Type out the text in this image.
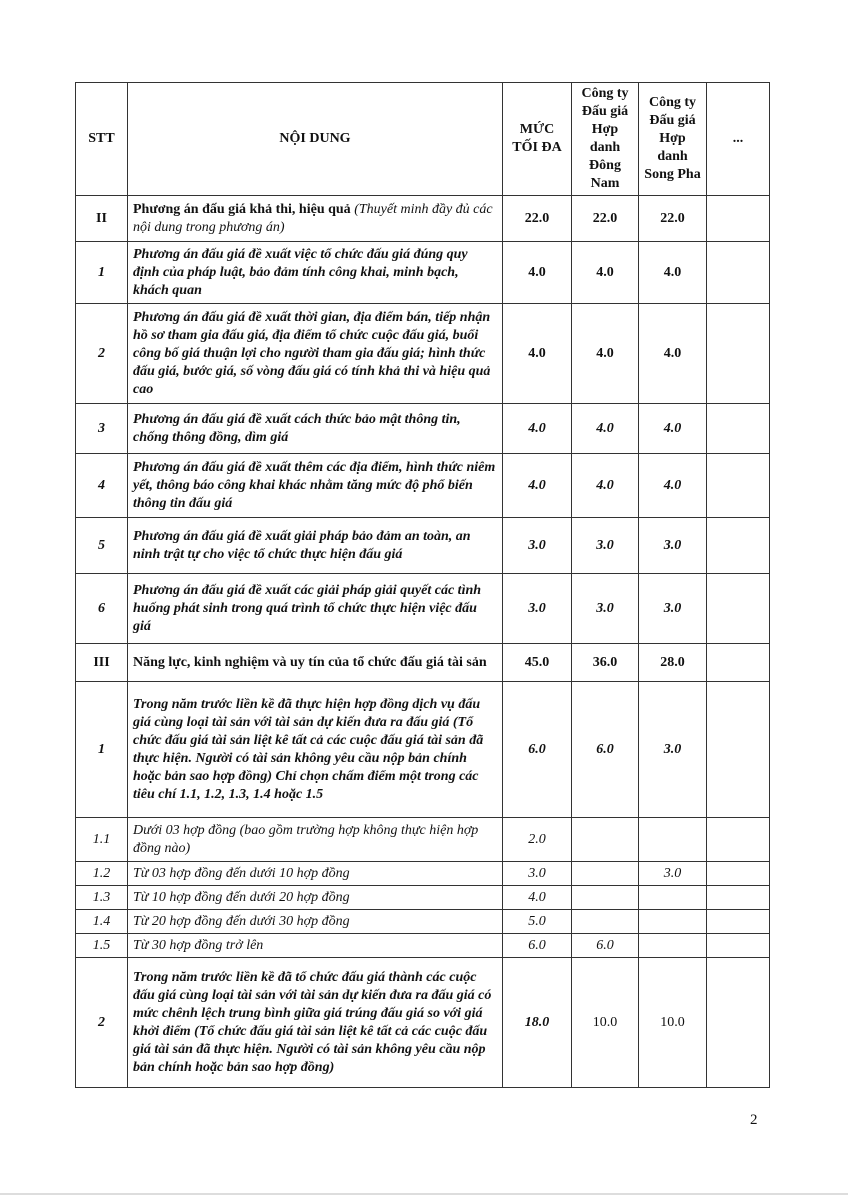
STT	NỘI DUNG	MỨC TỐI ĐA	Công ty Đấu giá Hợp danh Đông Nam	Công ty Đấu giá Hợp danh Song Pha	...
II	Phương án đấu giá khả thi, hiệu quả (Thuyết minh đầy đủ các nội dung trong phương án)	22.0	22.0	22.0	
1	Phương án đấu giá đề xuất việc tổ chức đấu giá đúng quy định của pháp luật, bảo đảm tính công khai, minh bạch, khách quan	4.0	4.0	4.0	
2	Phương án đấu giá đề xuất thời gian, địa điểm bán, tiếp nhận hồ sơ tham gia đấu giá, địa điểm tổ chức cuộc đấu giá, buổi công bố giá thuận lợi cho người tham gia đấu giá; hình thức đấu giá, bước giá, số vòng đấu giá có tính khả thi và hiệu quả cao	4.0	4.0	4.0	
3	Phương án đấu giá đề xuất cách thức bảo mật thông tin, chống thông đồng, dìm giá	4.0	4.0	4.0	
4	Phương án đấu giá đề xuất thêm các địa điểm, hình thức niêm yết, thông báo công khai khác nhằm tăng mức độ phổ biến thông tin đấu giá	4.0	4.0	4.0	
5	Phương án đấu giá đề xuất giải pháp bảo đảm an toàn, an ninh trật tự cho việc tổ chức thực hiện đấu giá	3.0	3.0	3.0	
6	Phương án đấu giá đề xuất các giải pháp giải quyết các tình huống phát sinh trong quá trình tổ chức thực hiện việc đấu giá	3.0	3.0	3.0	
III	Năng lực, kinh nghiệm và uy tín của tổ chức đấu giá tài sản	45.0	36.0	28.0	
1	Trong năm trước liền kề đã thực hiện hợp đồng dịch vụ đấu giá cùng loại tài sản với tài sản dự kiến đưa ra đấu giá (Tổ chức đấu giá tài sản liệt kê tất cả các cuộc đấu giá tài sản đã thực hiện. Người có tài sản không yêu cầu nộp bản chính hoặc bản sao hợp đồng) Chỉ chọn chấm điểm một trong các tiêu chí 1.1, 1.2, 1.3, 1.4 hoặc 1.5	6.0	6.0	3.0	
1.1	Dưới 03 hợp đồng (bao gồm trường hợp không thực hiện hợp đồng nào)	2.0			
1.2	Từ 03 hợp đồng đến dưới 10 hợp đồng	3.0		3.0	
1.3	Từ 10 hợp đồng đến dưới 20 hợp đồng	4.0			
1.4	Từ 20 hợp đồng đến dưới 30 hợp đồng	5.0			
1.5	Từ 30 hợp đồng trở lên	6.0	6.0		
2	Trong năm trước liền kề đã tổ chức đấu giá thành các cuộc đấu giá cùng loại tài sản với tài sản dự kiến đưa ra đấu giá có mức chênh lệch trung bình giữa giá trúng đấu giá so với giá khởi điểm (Tổ chức đấu giá tài sản liệt kê tất cả các cuộc đấu giá tài sản đã thực hiện. Người có tài sản không yêu cầu nộp bản chính hoặc bản sao hợp đồng)	18.0	10.0	10.0	
2
